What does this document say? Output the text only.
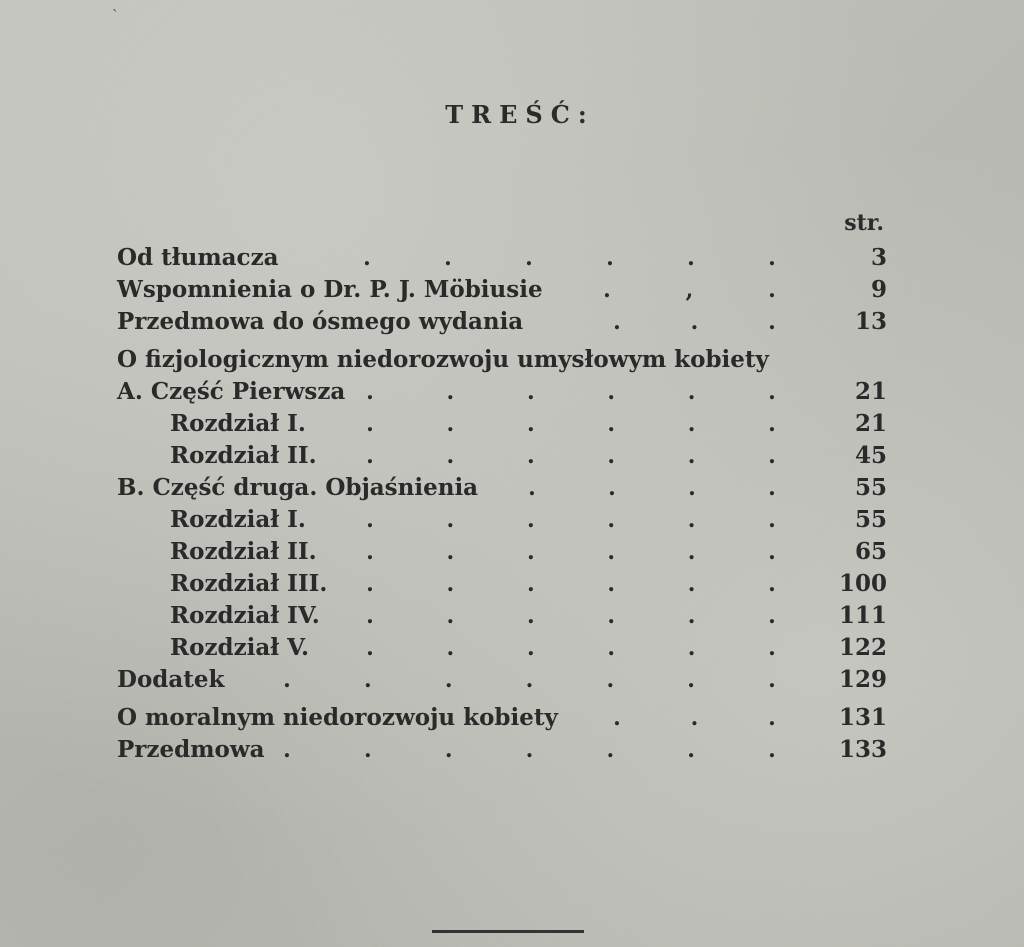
ˋ
TREŚĆ:
str.
Od tłumacza	.	.	.	.	.	.	3
Wspomnienia o Dr. P. J. Möbiusie	.	,	.	9
Przedmowa do ósmego wydania	.	.	.	13
O fizjologicznym niedorozwoju umysłowym kobiety
A. Część Pierwsza .	.	.	.	.	.	21
Rozdział I.	.	.	.	.	.	.	21
Rozdział II. .	.	.	.	.	.	45
B. Część druga. Objaśnienia .	.	.	.	55
Rozdział I.	.	.	.	.	.	.	55
Rozdział II. .	.	.	.	.	.	65
Rozdział III. .	.	.	.	.	.	100
Rozdział IV. .	.	.	.	.	.	111
Rozdział V.	.	.	.	.	.	.	122
Dodatek	.	.	.	.	.	.	.	129
O moralnym niedorozwoju kobiety	.	.	.	131
Przedmowa .	.	.	.	.	.	.	133
